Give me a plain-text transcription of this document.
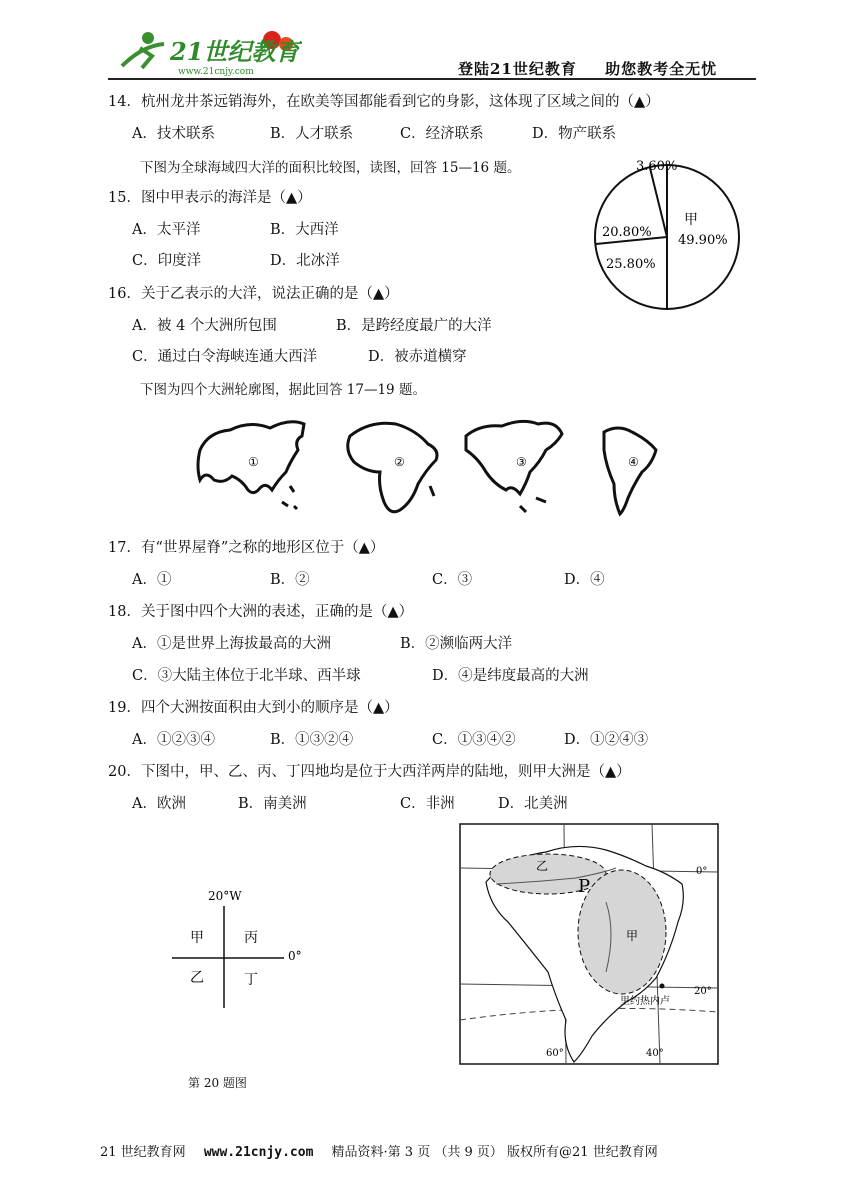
21世纪教育
www.21cnjy.com	登陆21世纪教育 助您教考全无忧
14．杭州龙井茶远销海外，在欧美等国都能看到它的身影，这体现了区域之间的（▲）
A．技术联系	B．人才联系	C．经济联系	D．物产联系
下图为全球海域四大洋的面积比较图，读图，回答 15—16 题。	3.60%
甲
49.90%
20.80%
25.80%
15．图中甲表示的海洋是（▲）
A．太平洋	B．大西洋
C．印度洋	D．北冰洋
16．关于乙表示的大洋，说法正确的是（▲）
A．被 4 个大洲所包围	B．是跨经度最广的大洋
C．通过白令海峡连通大西洋	D．被赤道横穿
下图为四个大洲轮廓图，据此回答 17—19 题。
①	②	③	④
17．有“世界屋脊”之称的地形区位于（▲）
A．①	B．②	C．③	D．④
18．关于图中四个大洲的表述，正确的是（▲）
A．①是世界上海拔最高的大洲	B．②濒临两大洋
C．③大陆主体位于北半球、西半球	D．④是纬度最高的大洲
19．四个大洲按面积由大到小的顺序是（▲）
A．①②③④	B．①③②④	C．①③④②	D．①②④③
20．下图中，甲、乙、丙、丁四地均是位于大西洋两岸的陆地，则甲大洲是（▲）
A．欧洲	B．南美洲	C．非洲	D．北美洲
20°W
0°
甲	丙
乙	丁
第 20 题图
乙
P
甲
里约热内卢
0°
20°
60°	40°
21 世纪教育网 www.21cnjy.com 精品资料·第 3 页 （共 9 页） 版权所有@21 世纪教育网
